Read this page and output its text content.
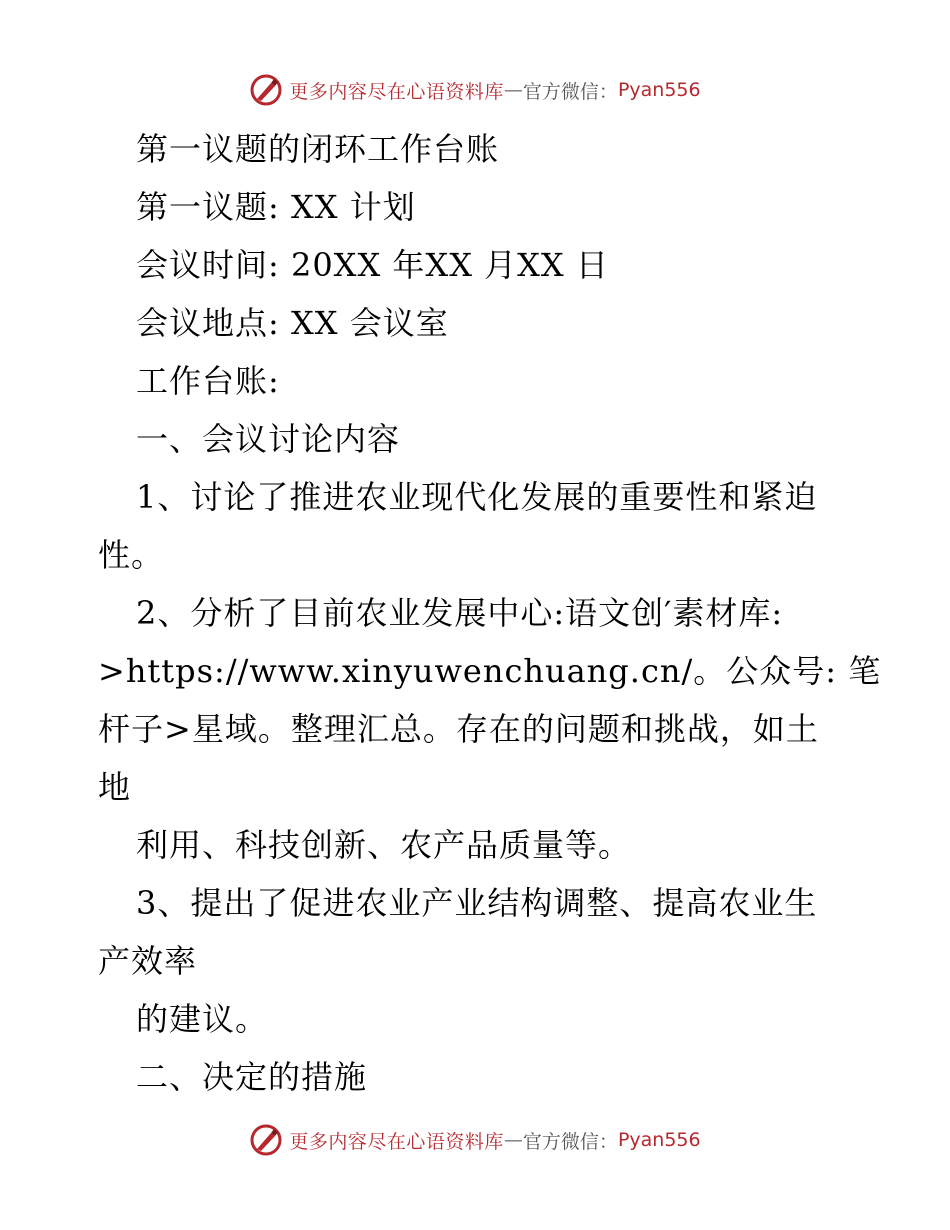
更多内容尽在心语资料库 — 官方微信： Pyan556
第一议题的闭环工作台账
第一议题: XX 计划
会议时间: 20XX 年XX 月XX 日
会议地点: XX 会议室
工作台账:
一、会议讨论内容
1、讨论了推进农业现代化发展的重要性和紧迫
性。
2、分析了目前农业发展中心:语文创′素材库:
>https://www.xinyuwenchuang.cn/。公众号: 笔
杆子>星域。整理汇总。存在的问题和挑战，如土
地
利用、科技创新、农产品质量等。
3、提出了促进农业产业结构调整、提高农业生
产效率
的建议。
二、决定的措施
更多内容尽在心语资料库 — 官方微信： Pyan556
